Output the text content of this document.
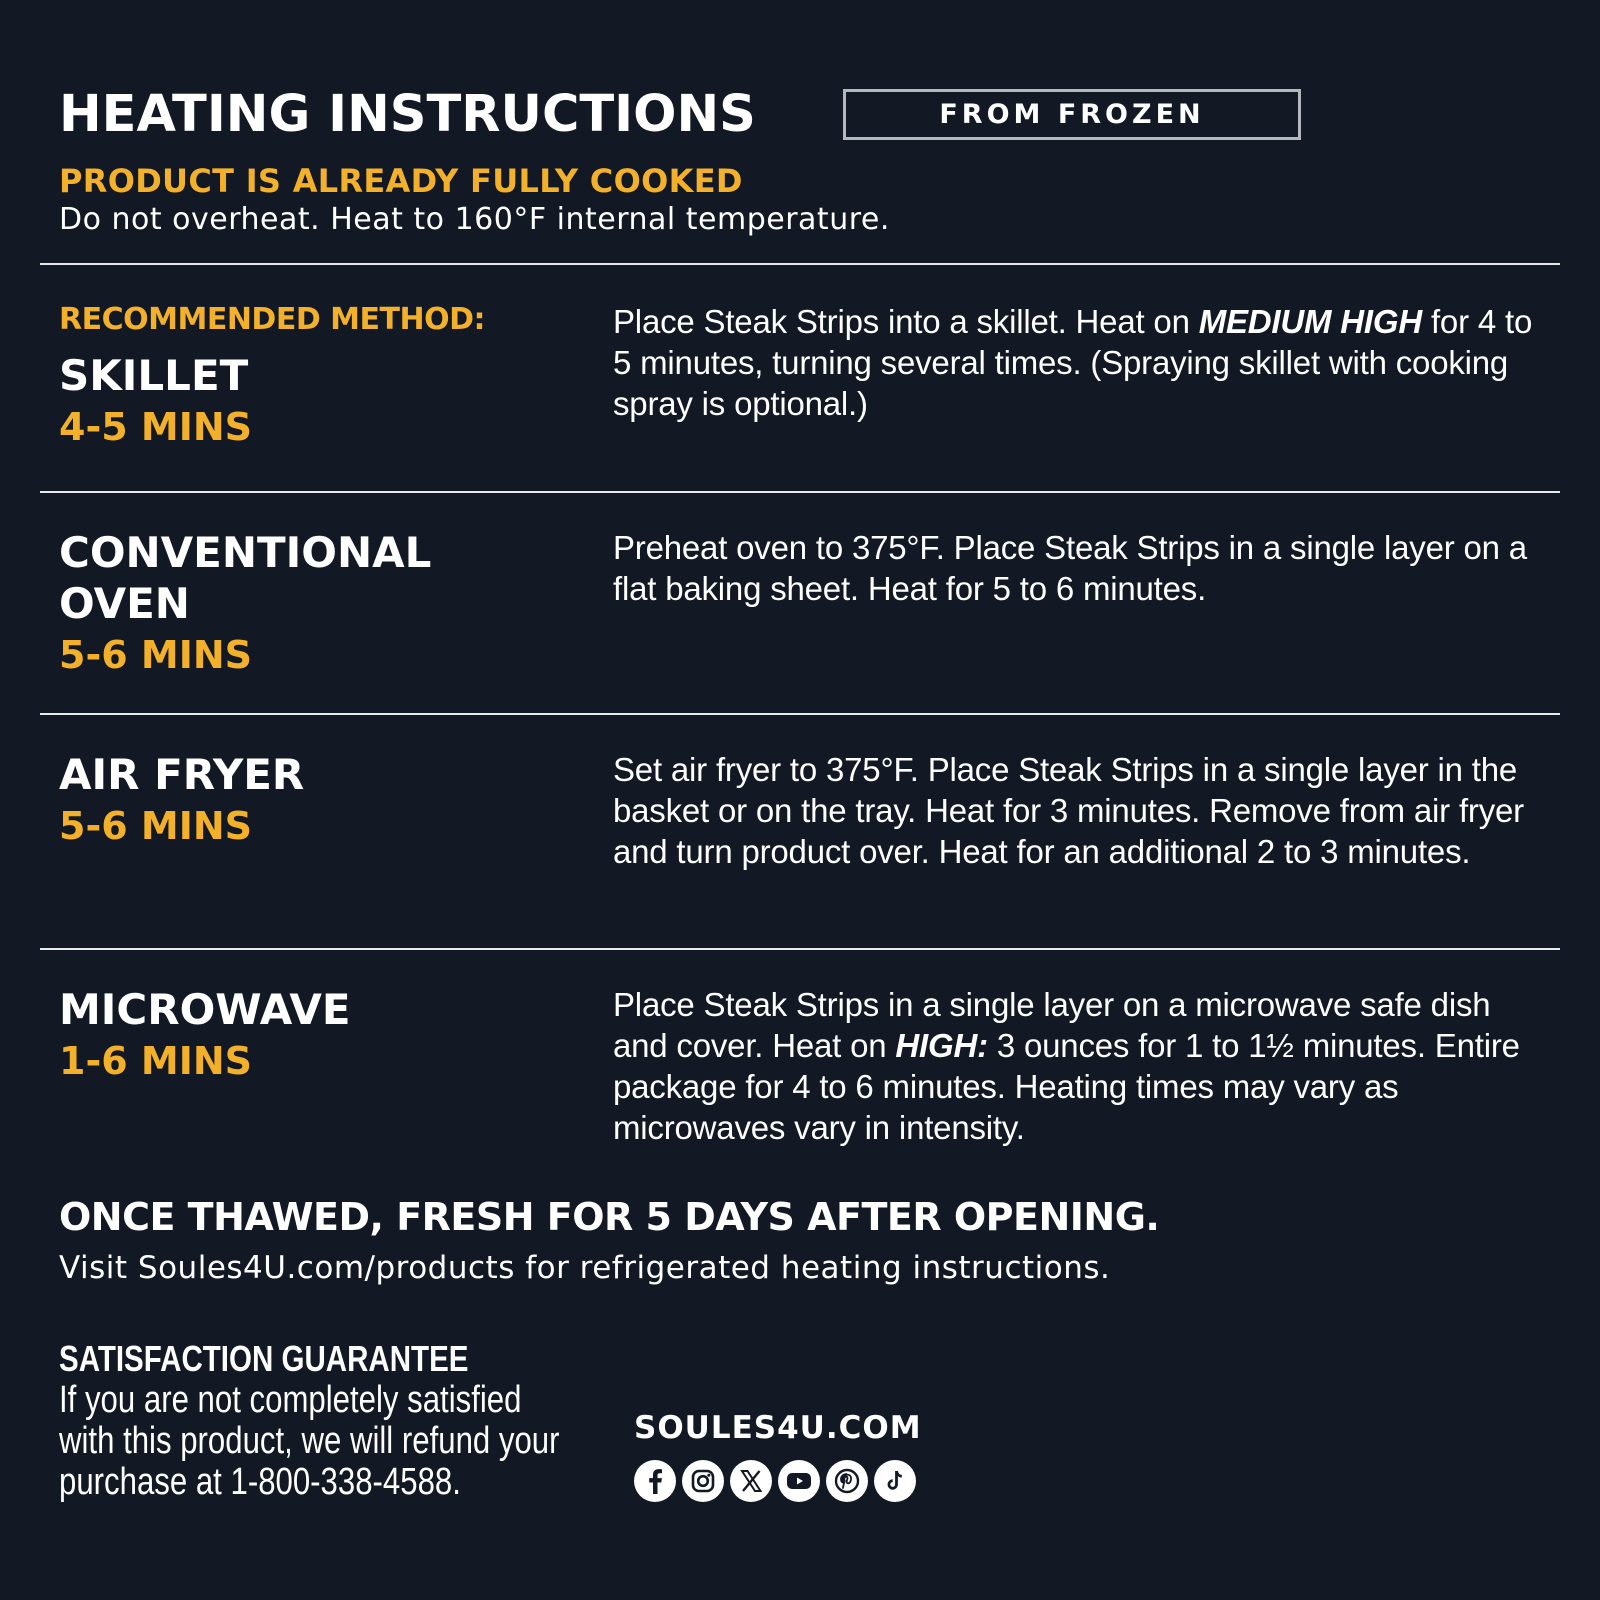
HEATING INSTRUCTIONS	FROM FROZEN
PRODUCT IS ALREADY FULLY COOKED
Do not overheat. Heat to 160°F internal temperature.
RECOMMENDED METHOD:
SKILLET
4-5 MINS
Place Steak Strips into a skillet. Heat on MEDIUM HIGH for 4 to 5 minutes, turning several times. (Spraying skillet with cooking spray is optional.)
CONVENTIONAL
OVEN
5-6 MINS
Preheat oven to 375°F. Place Steak Strips in a single layer on a flat baking sheet. Heat for 5 to 6 minutes.
AIR FRYER
5-6 MINS
Set air fryer to 375°F. Place Steak Strips in a single layer in the basket or on the tray. Heat for 3 minutes. Remove from air fryer and turn product over. Heat for an additional 2 to 3 minutes.
MICROWAVE
1-6 MINS
Place Steak Strips in a single layer on a microwave safe dish and cover. Heat on HIGH: 3 ounces for 1 to 1½ minutes. Entire package for 4 to 6 minutes. Heating times may vary as microwaves vary in intensity.
ONCE THAWED, FRESH FOR 5 DAYS AFTER OPENING.
Visit Soules4U.com/products for refrigerated heating instructions.
SATISFACTION GUARANTEE
If you are not completely satisfied with this product, we will refund your purchase at 1-800-338-4588.
SOULES4U.COM
